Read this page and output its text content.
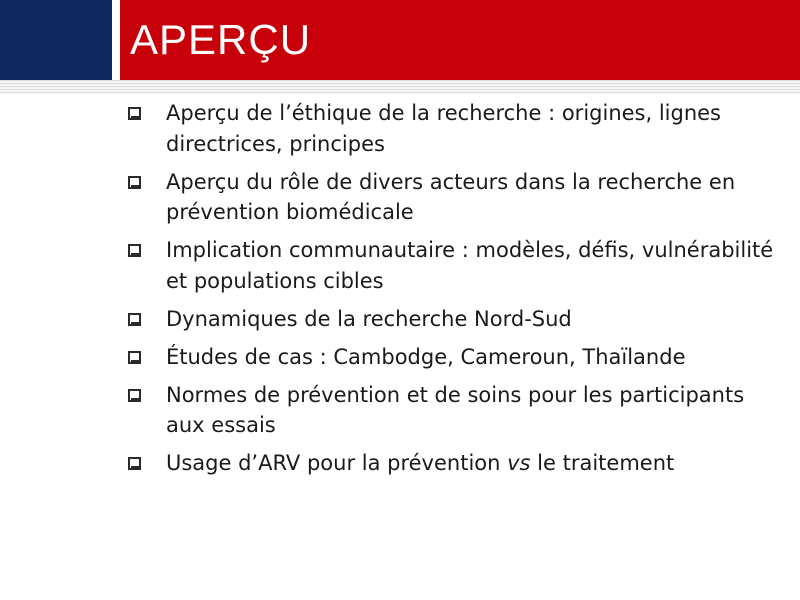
APERÇU
Aperçu de l’éthique de la recherche : origines, lignes directrices, principes
Aperçu du rôle de divers acteurs dans la recherche en prévention biomédicale
Implication communautaire : modèles, défis, vulnérabilité et populations cibles
Dynamiques de la recherche Nord-Sud
Études de cas : Cambodge, Cameroun, Thaïlande
Normes de prévention et de soins pour les participants aux essais
Usage d’ARV pour la prévention vs le traitement
